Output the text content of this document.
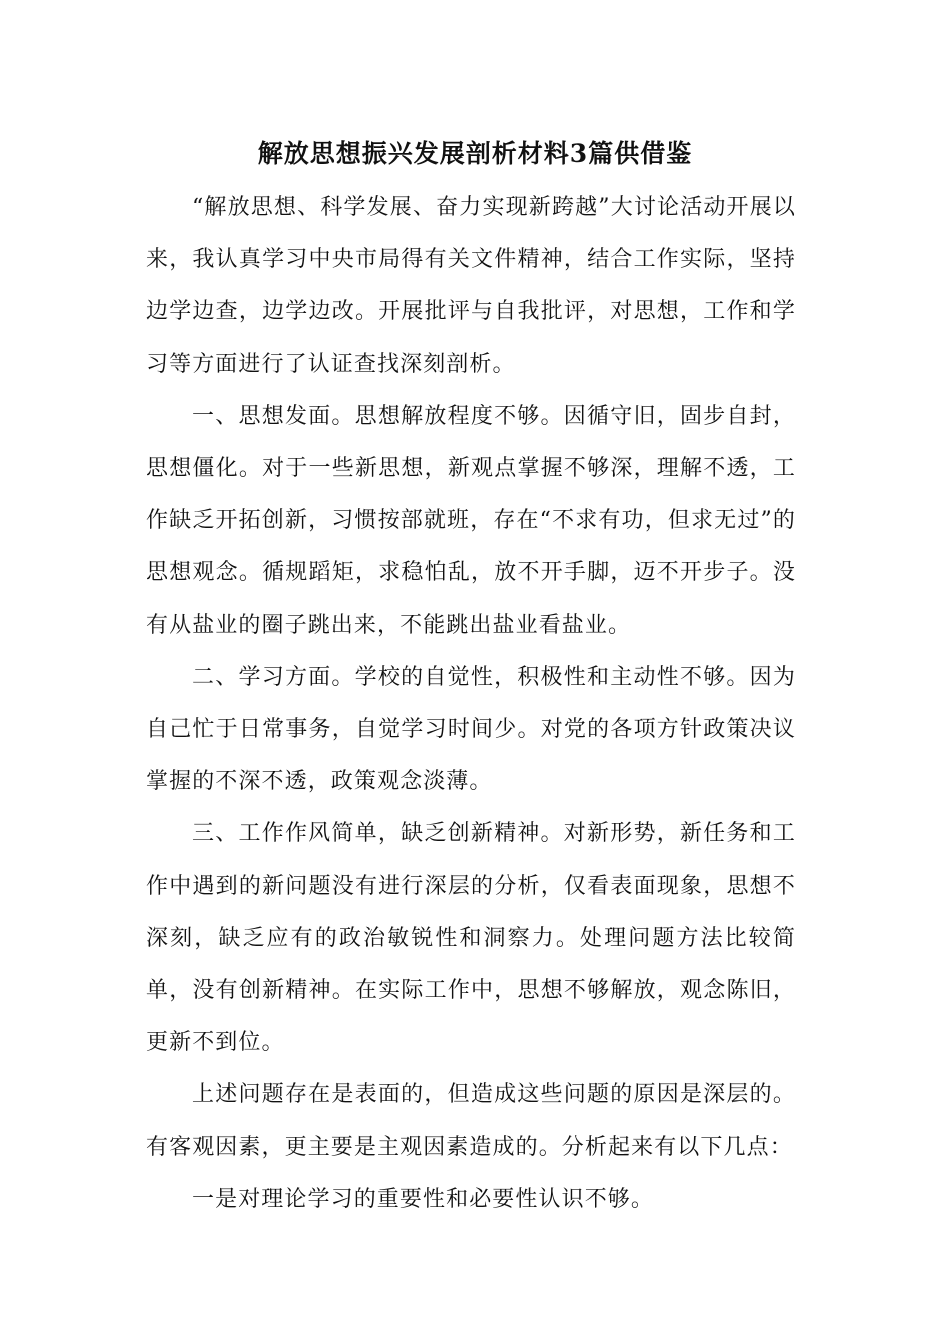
解放思想振兴发展剖析材料3篇供借鉴

“解放思想、科学发展、奋力实现新跨越”大讨论活动开展以来，我认真学习中央市局得有关文件精神，结合工作实际，坚持边学边查，边学边改。开展批评与自我批评，对思想，工作和学习等方面进行了认证查找深刻剖析。

一、思想发面。思想解放程度不够。因循守旧，固步自封，思想僵化。对于一些新思想，新观点掌握不够深，理解不透，工作缺乏开拓创新，习惯按部就班，存在“不求有功，但求无过”的思想观念。循规蹈矩，求稳怕乱，放不开手脚，迈不开步子。没有从盐业的圈子跳出来，不能跳出盐业看盐业。

二、学习方面。学校的自觉性，积极性和主动性不够。因为自己忙于日常事务，自觉学习时间少。对党的各项方针政策决议掌握的不深不透，政策观念淡薄。

三、工作作风简单，缺乏创新精神。对新形势，新任务和工作中遇到的新问题没有进行深层的分析，仅看表面现象，思想不深刻，缺乏应有的政治敏锐性和洞察力。处理问题方法比较简单，没有创新精神。在实际工作中，思想不够解放，观念陈旧，更新不到位。

上述问题存在是表面的，但造成这些问题的原因是深层的。有客观因素，更主要是主观因素造成的。分析起来有以下几点：

一是对理论学习的重要性和必要性认识不够。
